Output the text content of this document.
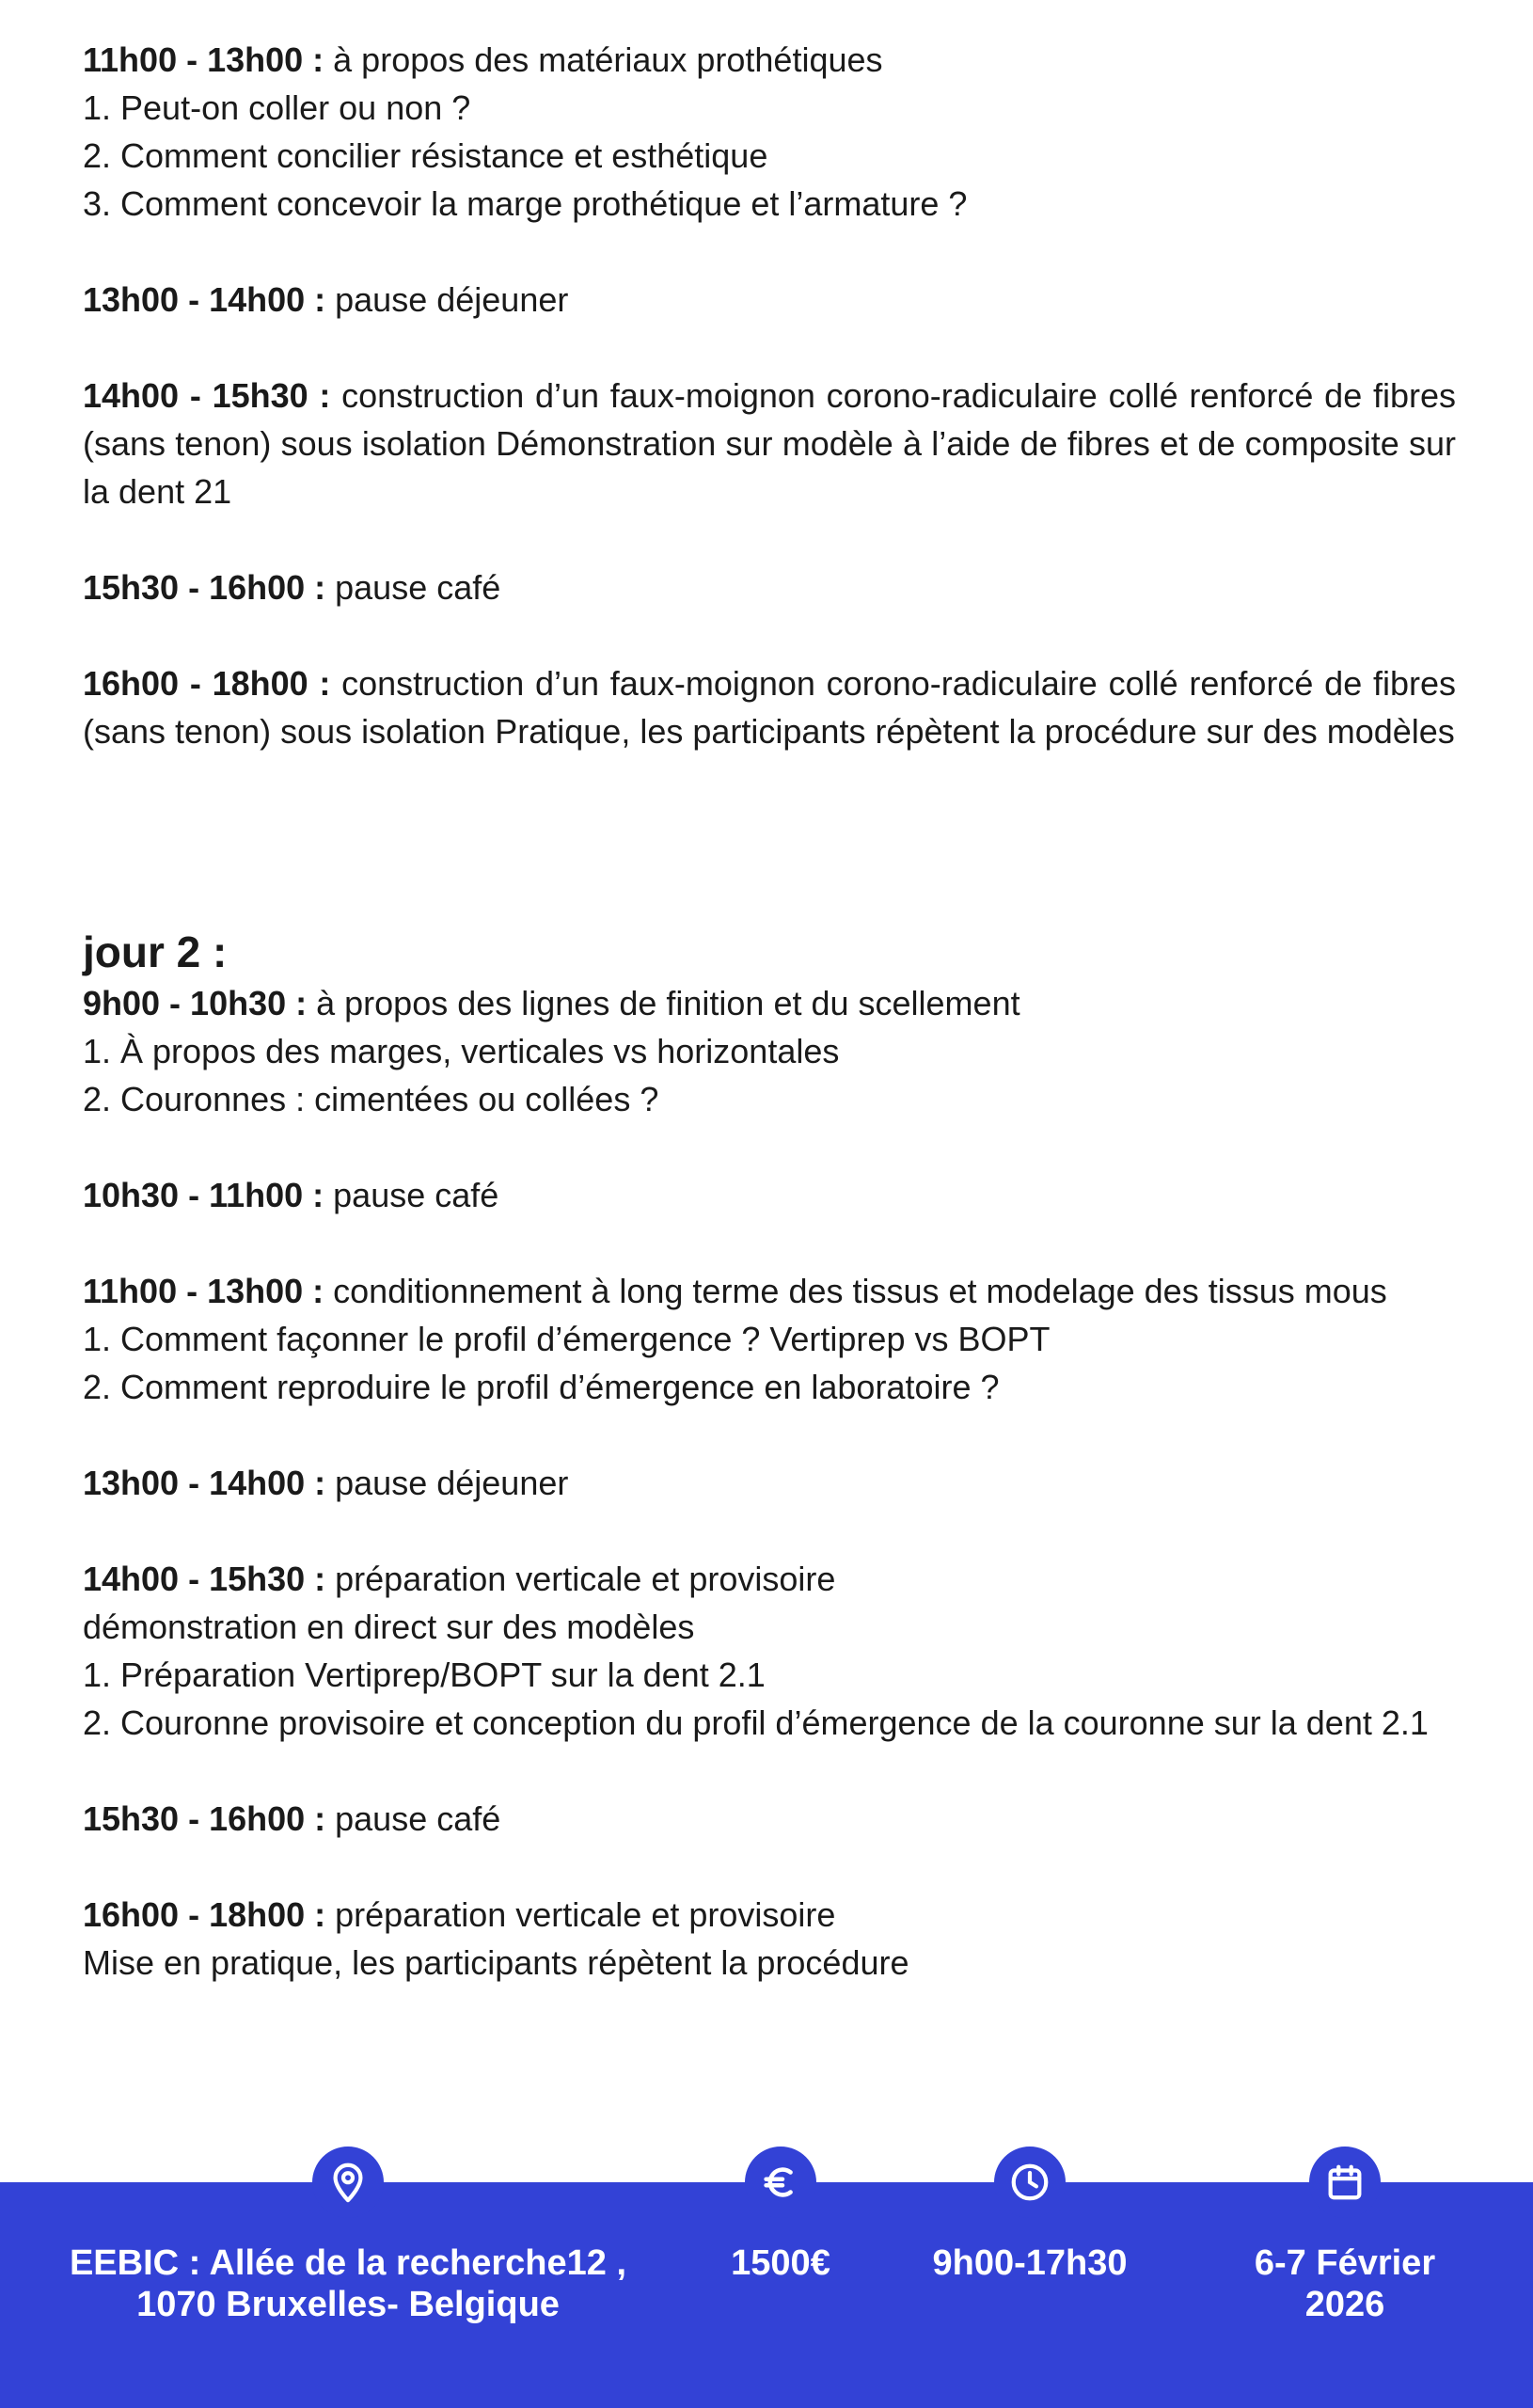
11h00 - 13h00 : à propos des matériaux prothétiques

1. Peut-on coller ou non ?

2. Comment concilier résistance et esthétique

3. Comment concevoir la marge prothétique et l’armature ?

13h00 - 14h00 : pause déjeuner

14h00 - 15h30 : construction d’un faux-moignon corono-radiculaire collé renforcé de fibres (sans tenon) sous isolation Démonstration sur modèle à l’aide de fibres et de composite sur la dent 21

15h30 - 16h00 : pause café

16h00 - 18h00 : construction d’un faux-moignon corono-radiculaire collé renforcé de fibres (sans tenon) sous isolation Pratique, les participants répètent la procédure sur des modèles

jour 2 :

9h00 - 10h30 : à propos des lignes de finition et du scellement

1. À propos des marges, verticales vs horizontales

2. Couronnes : cimentées ou collées ?

10h30 - 11h00 : pause café

11h00 - 13h00 : conditionnement à long terme des tissus et modelage des tissus mous

1. Comment façonner le profil d’émergence ? Vertiprep vs BOPT

2. Comment reproduire le profil d’émergence en laboratoire ?

13h00 - 14h00 : pause déjeuner

14h00 - 15h30 : préparation verticale et provisoire

démonstration en direct sur des modèles

1. Préparation Vertiprep/BOPT sur la dent 2.1

2. Couronne provisoire et conception du profil d’émergence de la couronne sur la dent 2.1

15h30 - 16h00 : pause café

16h00 - 18h00 : préparation verticale et provisoire

Mise en pratique, les participants répètent la procédure

EEBIC : Allée de la recherche12 ,

1070 Bruxelles- Belgique

1500€	9h00-17h30	6-7 Février

2026
